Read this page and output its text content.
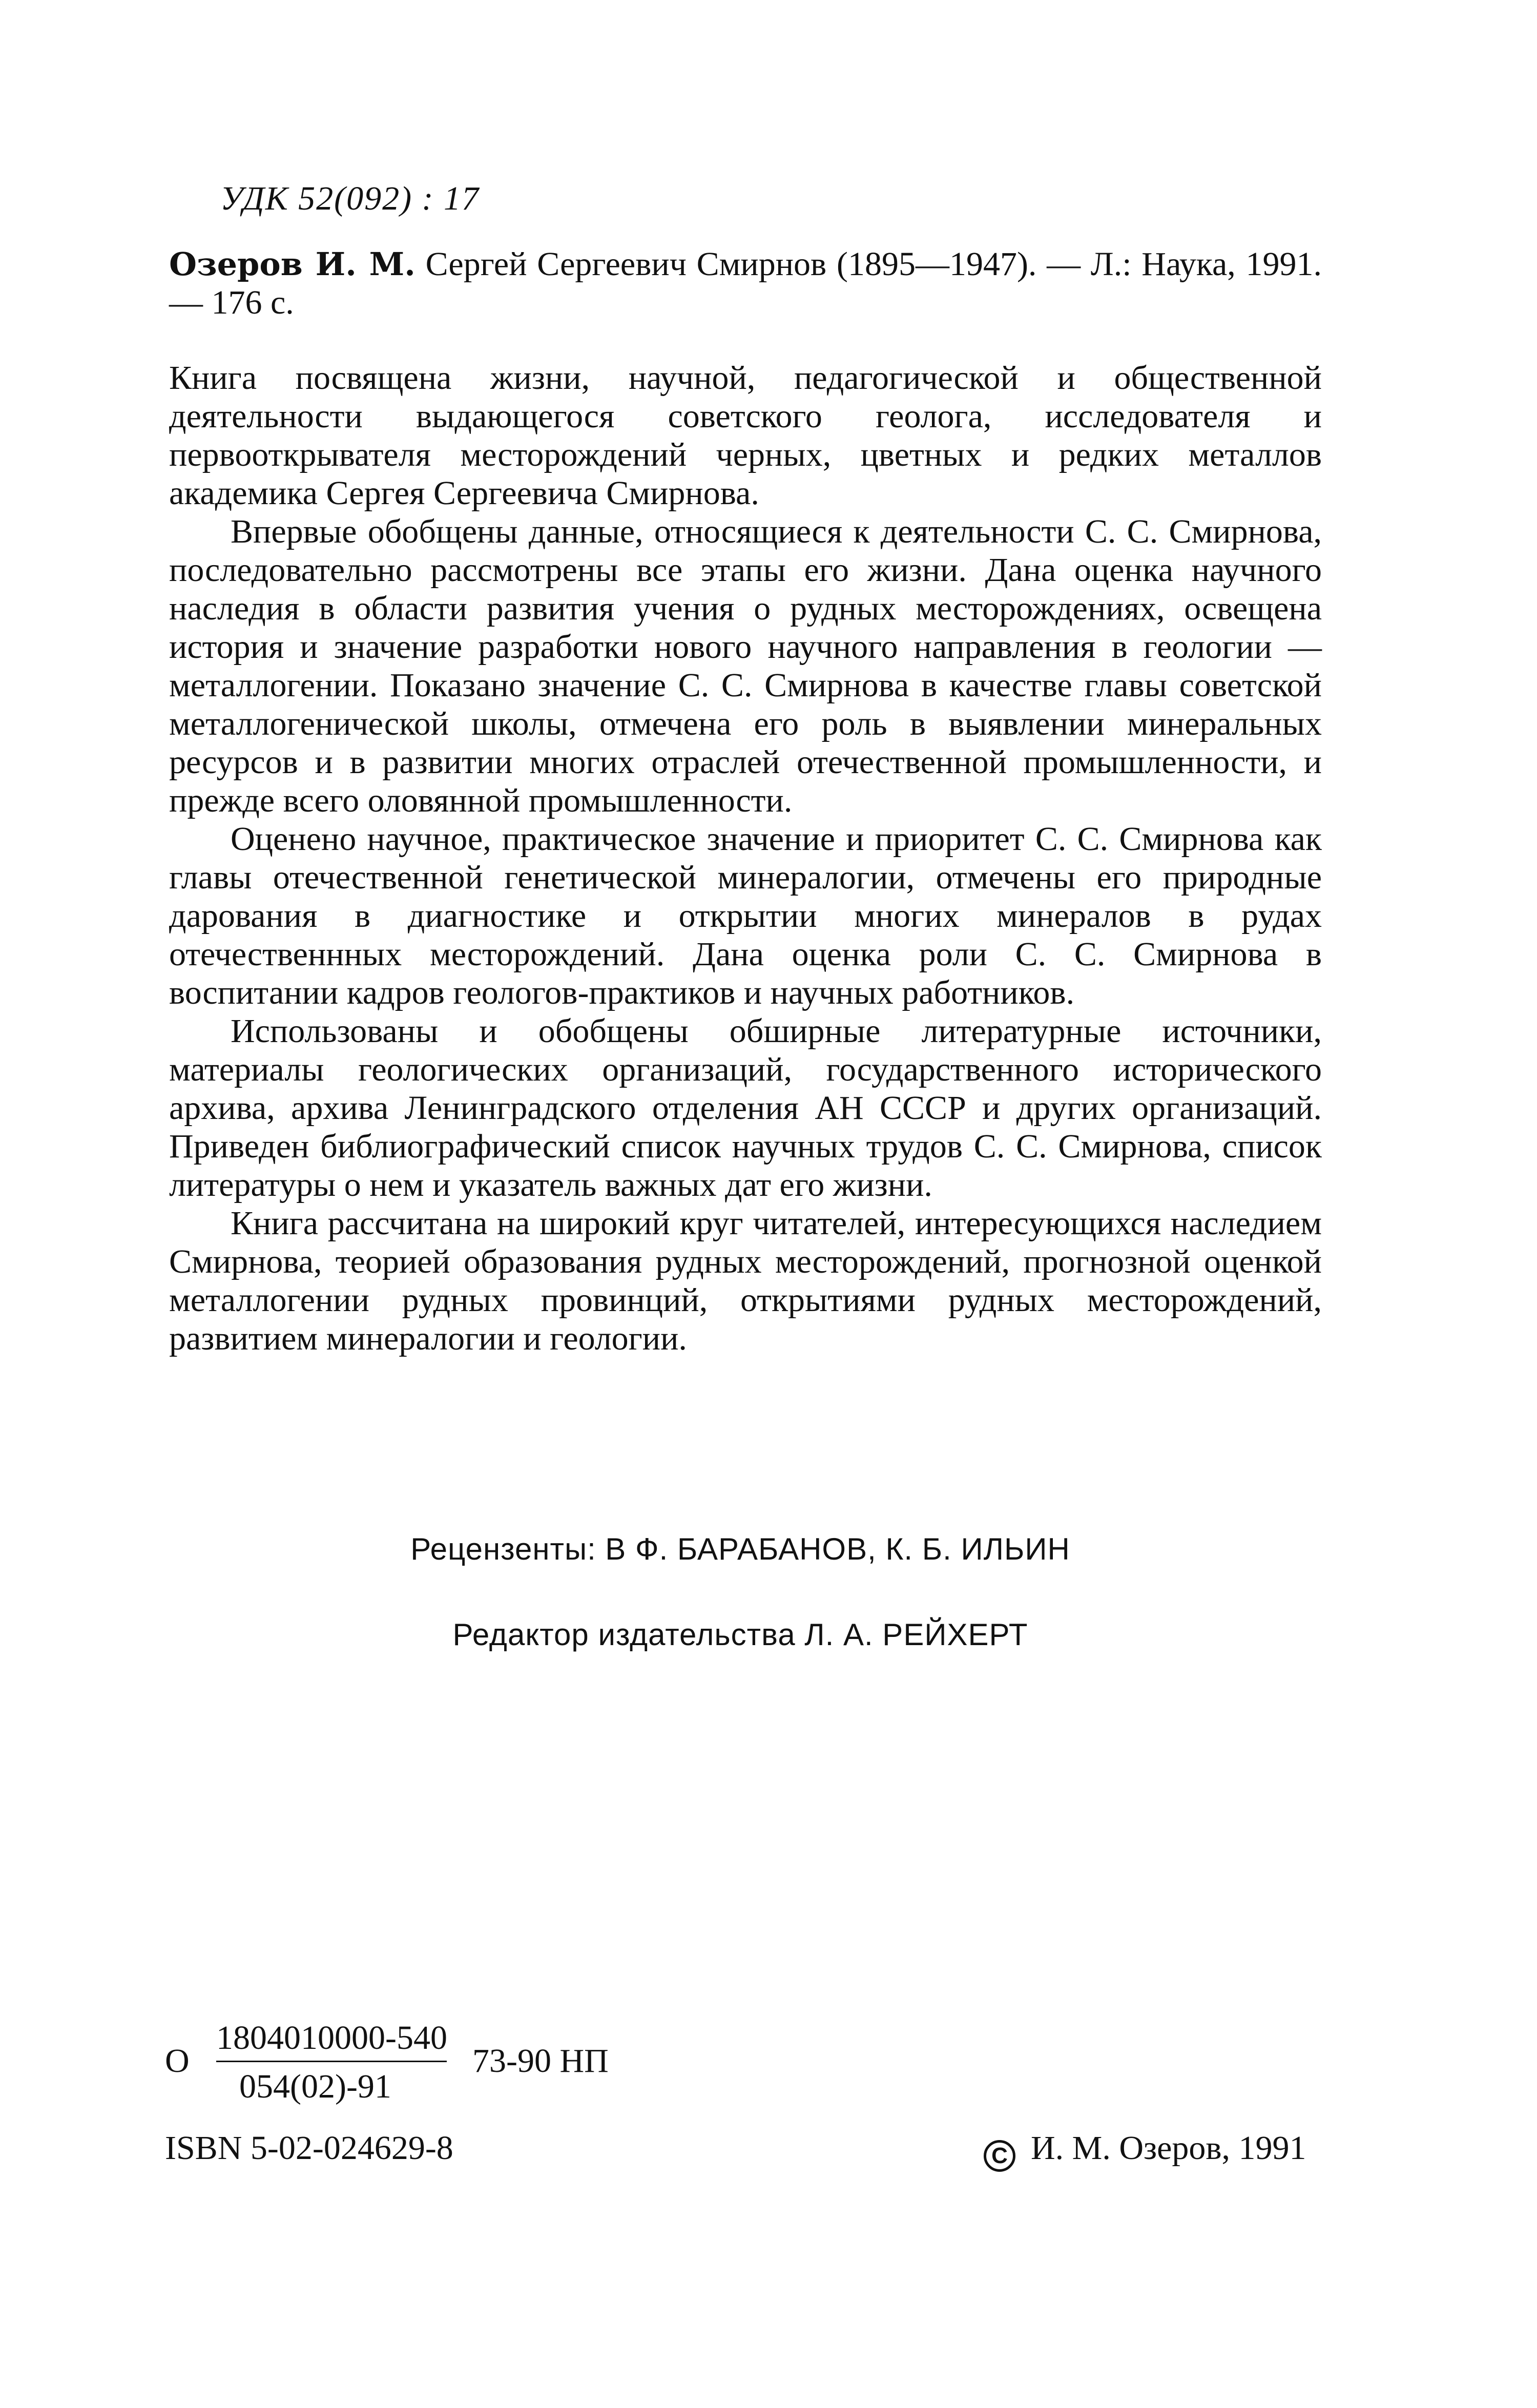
УДК 52(092) : 17
Озеров И. М. Сергей Сергеевич Смирнов (1895—1947). — Л.: Наука, 1991. — 176 с.

Книга посвящена жизни, научной, педагогической и общественной деятельности выдающегося советского геолога, исследователя и первооткрывателя месторождений черных, цветных и редких металлов академика Сергея Сергеевича Смирнова.

Впервые обобщены данные, относящиеся к деятельности С. С. Смирнова, последовательно рассмотрены все этапы его жизни. Дана оценка научного наследия в области развития учения о рудных месторождениях, освещена история и значение разработки нового научного направления в геологии — металлогении. Показано значение С. С. Смирнова в качестве главы советской металлогенической школы, отмечена его роль в выявлении минеральных ресурсов и в развитии многих отраслей отечественной промышленности, и прежде всего оловянной промышленности.

Оценено научное, практическое значение и приоритет С. С. Смирнова как главы отечественной генетической минералогии, отмечены его природные дарования в диагностике и открытии многих минералов в рудах отечественнных месторождений. Дана оценка роли С. С. Смирнова в воспитании кадров геологов-практиков и научных работников.

Использованы и обобщены обширные литературные источники, материалы геологических организаций, государственного исторического архива, архива Ленинградского отделения АН СССР и других организаций. Приведен библиографический список научных трудов С. С. Смирнова, список литературы о нем и указатель важных дат его жизни.

Книга рассчитана на широкий круг читателей, интересующихся наследием Смирнова, теорией образования рудных месторождений, прогнозной оценкой металлогении рудных провинций, открытиями рудных месторождений, развитием минералогии и геологии.

Рецензенты: В Ф. БАРАБАНОВ, К. Б. ИЛЬИН
Редактор издательства Л. А. РЕЙХЕРТ
О
1804010000-540
054(02)-91
73-90 НП
ISBN 5-02-024629-8	C И. М. Озеров, 1991
